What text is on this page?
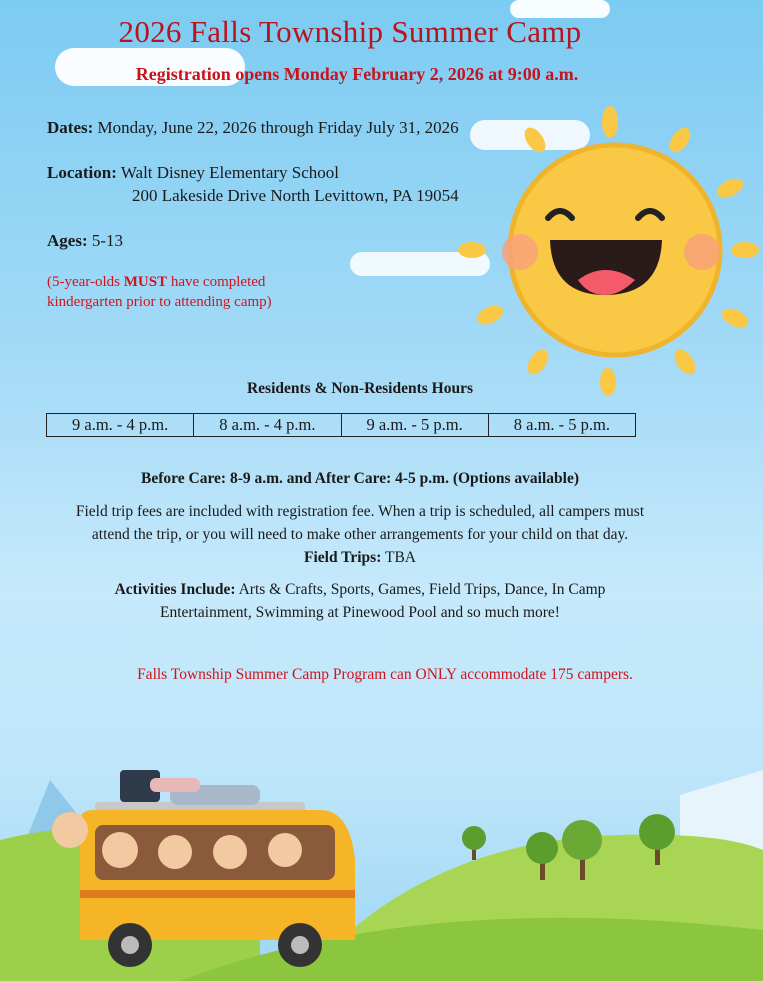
2026 Falls Township Summer Camp
Registration opens Monday February 2, 2026 at 9:00 a.m.
Dates: Monday, June 22, 2026 through Friday July 31, 2026
Location: Walt Disney Elementary School
200 Lakeside Drive North Levittown, PA 19054
Ages: 5-13
(5-year-olds MUST have completed
kindergarten prior to attending camp)
Residents & Non-Residents Hours
9 a.m. - 4 p.m.	8 a.m. - 4 p.m.	9 a.m. - 5 p.m.	8 a.m. - 5 p.m.
Before Care: 8-9 a.m. and After Care: 4-5 p.m. (Options available)
Field trip fees are included with registration fee. When a trip is scheduled, all campers must
attend the trip, or you will need to make other arrangements for your child on that day.
Field Trips: TBA
Activities Include: Arts & Crafts, Sports, Games, Field Trips, Dance, In Camp
Entertainment, Swimming at Pinewood Pool and so much more!
Falls Township Summer Camp Program can ONLY accommodate 175 campers.
